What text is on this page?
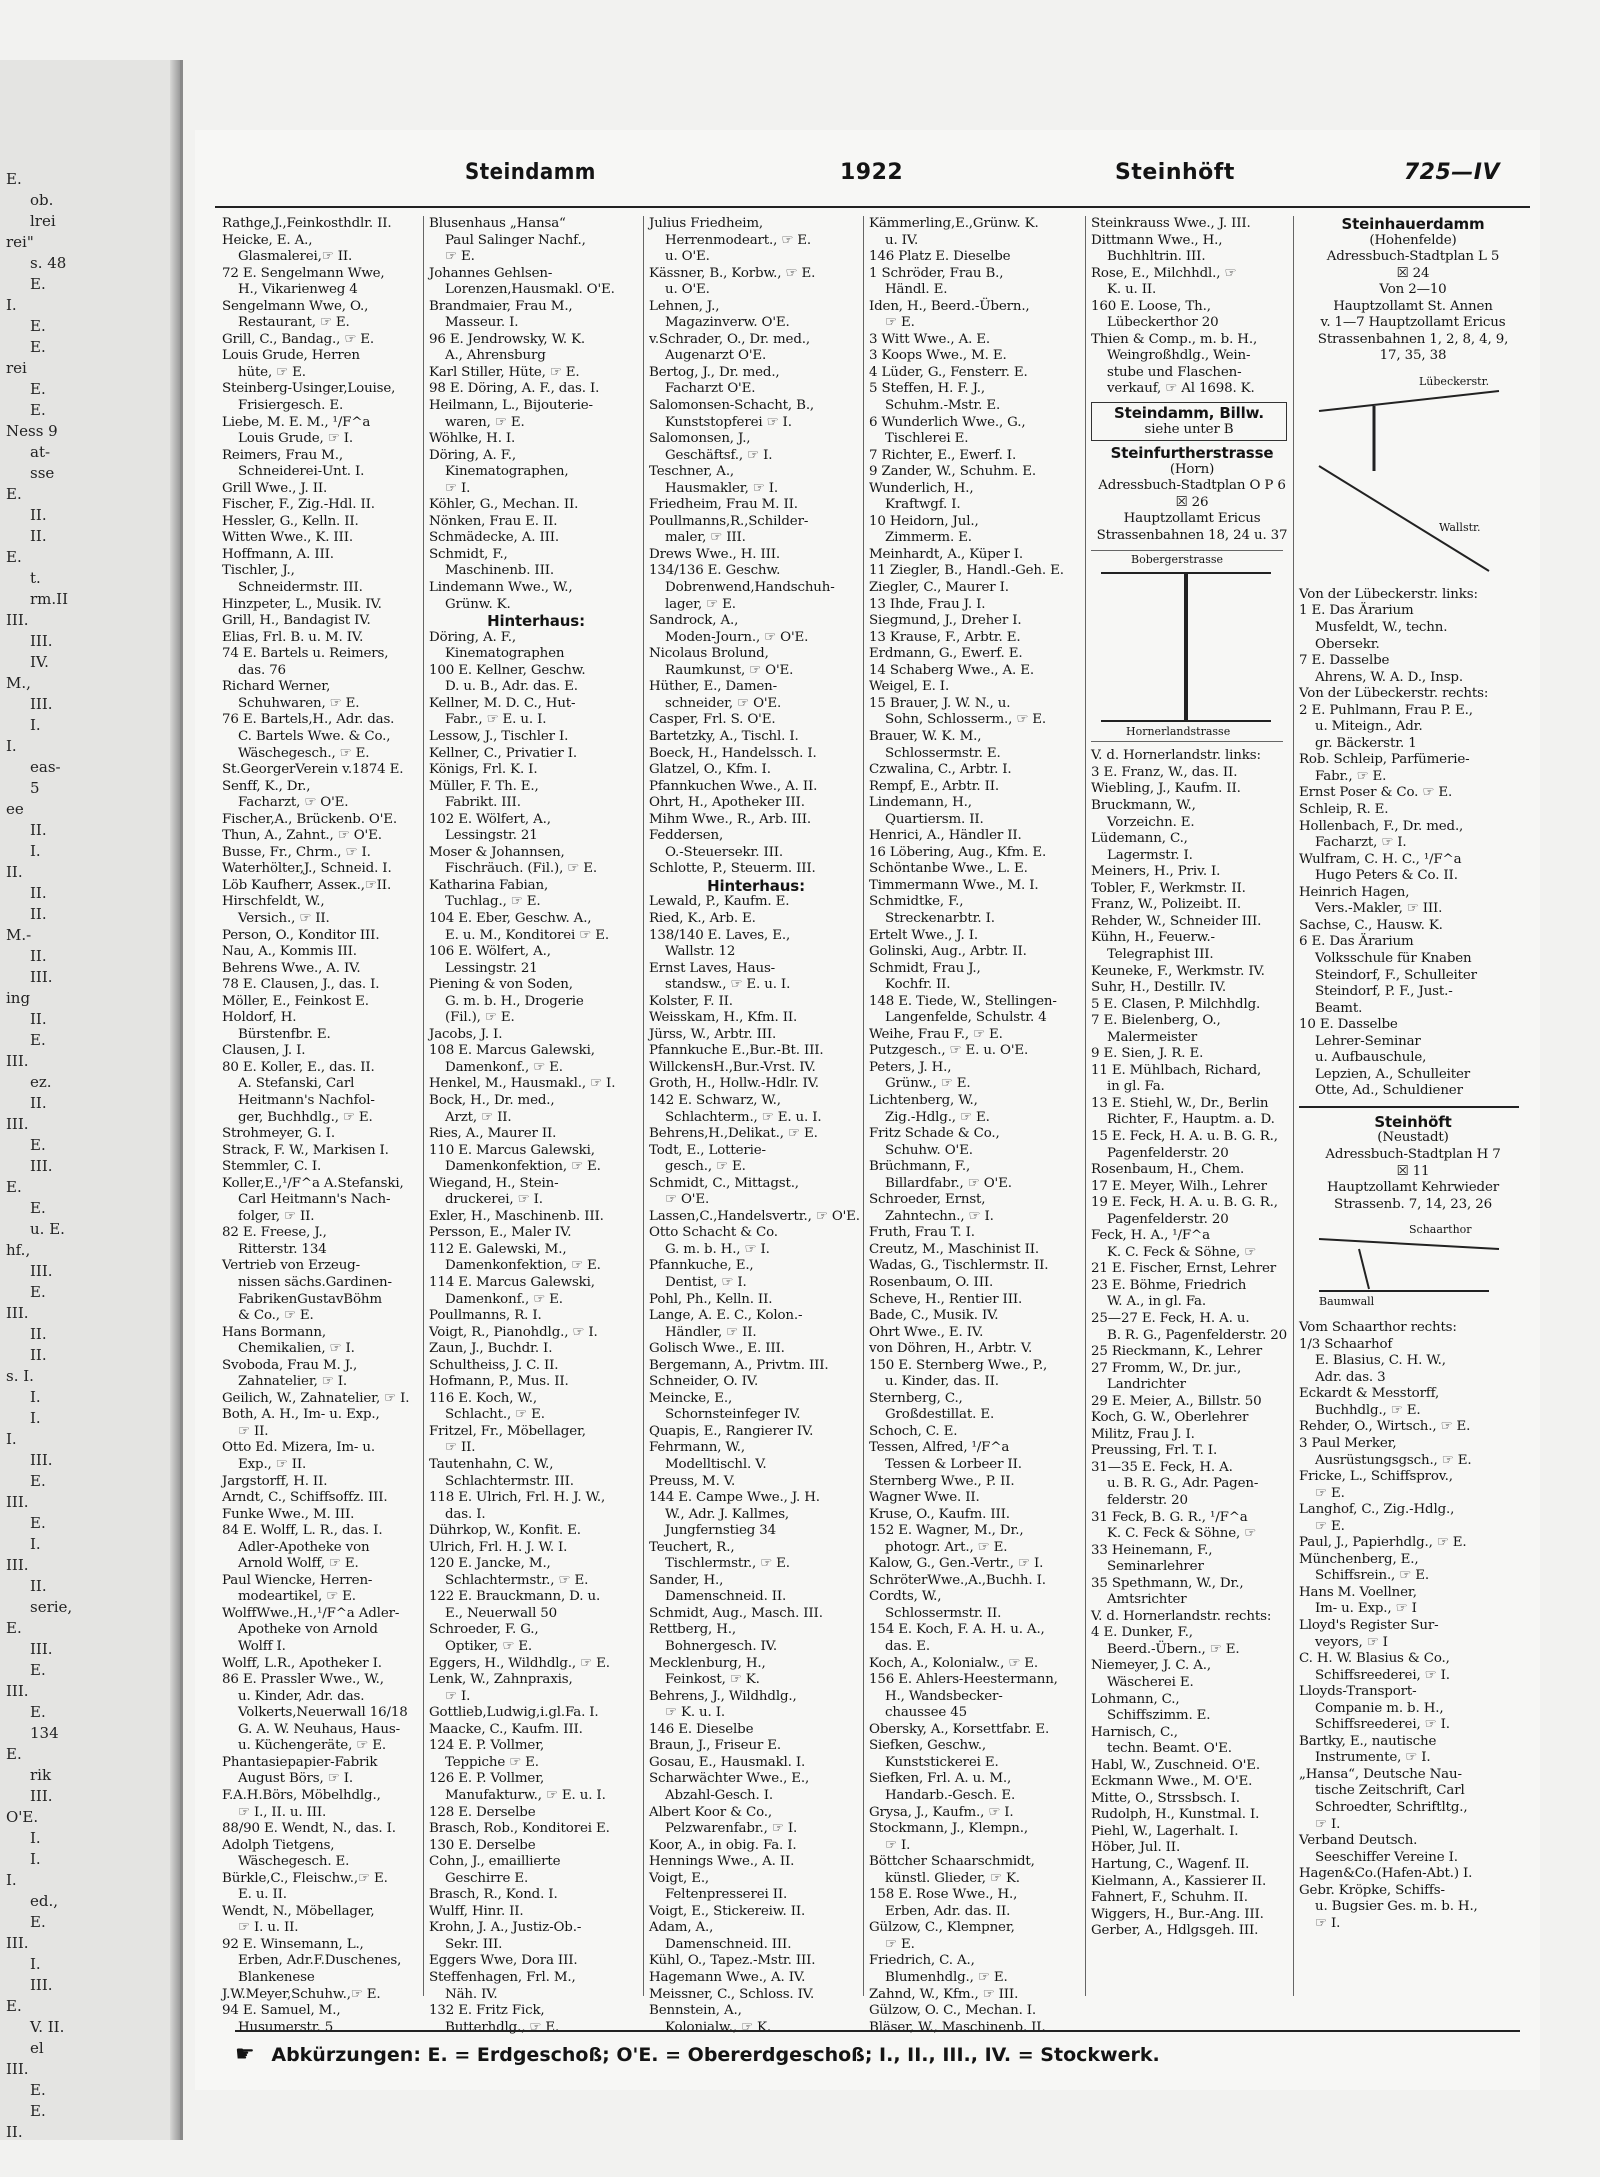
E.
ob.
lrei
rei"
s. 48
E.
I.
E.
E.
rei
E.
E.
Ness 9
at-
sse
E.
II.
II.
E.
t.
rm.II
III.
III.
IV.
M.,
III.
I.
I.
eas-
5
ee
II.
I.
II.
II.
II.
M.-
II.
III.
ing
II.
E.
III.
ez.
II.
III.
E.
III.
E.
E.
u. E.
hf.,
III.
E.
III.
II.
II.
s. I.
I.
I.
I.
III.
E.
III.
E.
I.
III.
II.
serie,
E.
III.
E.
III.
E.
134
E.
rik
III.
O'E.
I.
I.
I.
ed.,
E.
III.
I.
III.
E.
V. II.
el
III.
E.
E.
II.
Steindamm	1922	Steinhöft	725—IV
Rathge,J.,Feinkosthdlr. II.
Heicke, E. A.,
Glasmalerei,☞ II.
72 E. Sengelmann Wwe,
H., Vikarienweg 4
Sengelmann Wwe, O.,
Restaurant, ☞ E.
Grill, C., Bandag., ☞ E.
Louis Grude, Herren
hüte, ☞ E.
Steinberg-Usinger,Louise,
Frisiergesch. E.
Liebe, M. E. M., ¹/F^a
Louis Grude, ☞ I.
Reimers, Frau M.,
Schneiderei-Unt. I.
Grill Wwe., J. II.
Fischer, F., Zig.-Hdl. II.
Hessler, G., Kelln. II.
Witten Wwe., K. III.
Hoffmann, A. III.
Tischler, J.,
Schneidermstr. III.
Hinzpeter, L., Musik. IV.
Grill, H., Bandagist IV.
Elias, Frl. B. u. M. IV.
74 E. Bartels u. Reimers,
das. 76
Richard Werner,
Schuhwaren, ☞ E.
76 E. Bartels,H., Adr. das.
C. Bartels Wwe. & Co.,
Wäschegesch., ☞ E.
St.GeorgerVerein v.1874 E.
Senff, K., Dr.,
Facharzt, ☞ O'E.
Fischer,A., Brückenb. O'E.
Thun, A., Zahnt., ☞ O'E.
Busse, Fr., Chrm., ☞ I.
Waterhölter,J., Schneid. I.
Löb Kaufherr, Asseк.,☞II.
Hirschfeldt, W.,
Versich., ☞ II.
Person, O., Konditor III.
Nau, A., Kommis III.
Behrens Wwe., A. IV.
78 E. Clausen, J., das. I.
Möller, E., Feinkost E.
Holdorf, H.
Bürstenfbr. E.
Clausen, J. I.
80 E. Koller, E., das. II.
A. Stefanski, Carl
Heitmann's Nachfol-
ger, Buchhdlg., ☞ E.
Strohmeyer, G. I.
Strack, F. W., Markisen I.
Stemmler, C. I.
Koller,E.,¹/F^a A.Stefanski,
Carl Heitmann's Nach-
folger, ☞ II.
82 E. Freese, J.,
Ritterstr. 134
Vertrieb von Erzeug-
nissen sächs.Gardinen-
FabrikenGustavBöhm
& Co., ☞ E.
Hans Bormann,
Chemikalien, ☞ I.
Svoboda, Frau M. J.,
Zahnatelier, ☞ I.
Geilich, W., Zahnatelier, ☞ I.
Both, A. H., Im- u. Exp.,
☞ II.
Otto Ed. Mizera, Im- u.
Exp., ☞ II.
Jargstorff, H. II.
Arndt, C., Schiffsoffz. III.
Funke Wwe., M. III.
84 E. Wolff, L. R., das. I.
Adler-Apotheke von
Arnold Wolff, ☞ E.
Paul Wiencke, Herren-
modeartikel, ☞ E.
WolffWwe.,H.,¹/F^a Adler-
Apotheke von Arnold
Wolff I.
Wolff, L.R., Apotheker I.
86 E. Prassler Wwe., W.,
u. Kinder, Adr. das.
Volkerts,Neuerwall 16/18
G. A. W. Neuhaus, Haus-
u. Küchengeräte, ☞ E.
Phantasiepapier-Fabrik
August Börs, ☞ I.
F.A.H.Börs, Möbelhdlg.,
☞ I., II. u. III.
88/90 E. Wendt, N., das. I.
Adolph Tietgens,
Wäschegesch. E.
Bürkle,C., Fleischw.,☞ E.
E. u. II.
Wendt, N., Möbellager,
☞ I. u. II.
92 E. Winsemann, L.,
Erben, Adr.F.Duschenes,
Blankenese
J.W.Meyer,Schuhw.,☞ E.
94 E. Samuel, M.,
Husumerstr. 5
Blusenhaus „Hansa“
Paul Salinger Nachf.,
☞ E.
Johannes Gehlsen-
Lorenzen,Hausmakl. O'E.
Brandmaier, Frau M.,
Masseur. I.
96 E. Jendrowsky, W. K.
A., Ahrensburg
Karl Stiller, Hüte, ☞ E.
98 E. Döring, A. F., das. I.
Heilmann, L., Bijouterie-
waren, ☞ E.
Wöhlke, H. I.
Döring, A. F.,
Kinematographen,
☞ I.
Köhler, G., Mechan. II.
Nönken, Frau E. II.
Schmädecke, A. III.
Schmidt, F.,
Maschinenb. III.
Lindemann Wwe., W.,
Grünw. K.
Hinterhaus:
Döring, A. F.,
Kinematographen
100 E. Kellner, Geschw.
D. u. B., Adr. das. E.
Kellner, M. D. C., Hut-
Fabr., ☞ E. u. I.
Lessow, J., Tischler I.
Kellner, C., Privatier I.
Königs, Frl. K. I.
Müller, F. Th. E.,
Fabrikt. III.
102 E. Wölfert, A.,
Lessingstr. 21
Moser & Johannsen,
Fischräuch. (Fil.), ☞ E.
Katharina Fabian,
Tuchlag., ☞ E.
104 E. Eber, Geschw. A.,
E. u. M., Konditorei ☞ E.
106 E. Wölfert, A.,
Lessingstr. 21
Piening & von Soden,
G. m. b. H., Drogerie
(Fil.), ☞ E.
Jacobs, J. I.
108 E. Marcus Galewski,
Damenkonf., ☞ E.
Henkel, M., Hausmakl., ☞ I.
Bock, H., Dr. med.,
Arzt, ☞ II.
Ries, A., Maurer II.
110 E. Marcus Galewski,
Damenkonfektion, ☞ E.
Wiegand, H., Stein-
druckerei, ☞ I.
Exler, H., Maschinenb. III.
Persson, E., Maler IV.
112 E. Galewski, M.,
Damenkonfektion, ☞ E.
114 E. Marcus Galewski,
Damenkonf., ☞ E.
Poullmanns, R. I.
Voigt, R., Pianohdlg., ☞ I.
Zaun, J., Buchdr. I.
Schultheiss, J. C. II.
Hofmann, P., Mus. II.
116 E. Koch, W.,
Schlacht., ☞ E.
Fritzel, Fr., Möbellager,
☞ II.
Tautenhahn, C. W.,
Schlachtermstr. III.
118 E. Ulrich, Frl. H. J. W.,
das. I.
Dührkop, W., Konfit. E.
Ulrich, Frl. H. J. W. I.
120 E. Jancke, M.,
Schlachtermstr., ☞ E.
122 E. Brauckmann, D. u.
E., Neuerwall 50
Schroeder, F. G.,
Optiker, ☞ E.
Eggers, H., Wildhdlg., ☞ E.
Lenk, W., Zahnpraxis,
☞ I.
Gottlieb,Ludwig,i.gl.Fa. I.
Maacke, C., Kaufm. III.
124 E. P. Vollmer,
Teppiche ☞ E.
126 E. P. Vollmer,
Manufakturw., ☞ E. u. I.
128 E. Derselbe
Brasch, Rob., Konditorei E.
130 E. Derselbe
Cohn, J., emaillierte
Geschirre E.
Brasch, R., Kond. I.
Wulff, Hinr. II.
Krohn, J. A., Justiz-Ob.-
Sekr. III.
Eggers Wwe, Dora III.
Steffenhagen, Frl. M.,
Näh. IV.
132 E. Fritz Fick,
Butterhdlg., ☞ E.
Julius Friedheim,
Herrenmodeart., ☞ E.
u. O'E.
Kässner, B., Korbw., ☞ E.
u. O'E.
Lehnen, J.,
Magazinverw. O'E.
v.Schrader, O., Dr. med.,
Augenarzt O'E.
Bertog, J., Dr. med.,
Facharzt O'E.
Salomonsen-Schacht, B.,
Kunststopferei ☞ I.
Salomonsen, J.,
Geschäftsf., ☞ I.
Teschner, A.,
Hausmakler, ☞ I.
Friedheim, Frau M. II.
Poullmanns,R.,Schilder-
maler, ☞ III.
Drews Wwe., H. III.
134/136 E. Geschw.
Dobrenwend,Handschuh-
lager, ☞ E.
Sandrock, A.,
Moden-Journ., ☞ O'E.
Nicolaus Brolund,
Raumkunst, ☞ O'E.
Hüther, E., Damen-
schneider, ☞ O'E.
Casper, Frl. S. O'E.
Bartetzky, A., Tischl. I.
Boeck, H., Handelssch. I.
Glatzel, O., Kfm. I.
Pfannkuchen Wwe., A. II.
Ohrt, H., Apotheker III.
Mihm Wwe., R., Arb. III.
Feddersen,
O.-Steuersekr. III.
Schlotte, P., Steuerm. III.
Hinterhaus:
Lewald, P., Kaufm. E.
Ried, K., Arb. E.
138/140 E. Laves, E.,
Wallstr. 12
Ernst Laves, Haus-
standsw., ☞ E. u. I.
Kolster, F. II.
Weisskam, H., Kfm. II.
Jürss, W., Arbtr. III.
Pfannkuche E.,Bur.-Bt. III.
WillckensH.,Bur.-Vrst. IV.
Groth, H., Hollw.-Hdlr. IV.
142 E. Schwarz, W.,
Schlachterm., ☞ E. u. I.
Behrens,H.,Delikat., ☞ E.
Todt, E., Lotterie-
gesch., ☞ E.
Schmidt, C., Mittagst.,
☞ O'E.
Lassen,C.,Handelsvertr., ☞ O'E.
Otto Schacht & Co.
G. m. b. H., ☞ I.
Pfannkuche, E.,
Dentist, ☞ I.
Pohl, Ph., Kelln. II.
Lange, A. E. C., Kolon.-
Händler, ☞ II.
Golisch Wwe., E. III.
Bergemann, A., Privtm. III.
Schneider, O. IV.
Meincke, E.,
Schornsteinfeger IV.
Quapis, E., Rangierer IV.
Fehrmann, W.,
Modelltischl. V.
Preuss, M. V.
144 E. Campe Wwe., J. H.
W., Adr. J. Kallmes,
Jungfernstieg 34
Teuchert, R.,
Tischlermstr., ☞ E.
Sander, H.,
Damenschneid. II.
Schmidt, Aug., Masch. III.
Rettberg, H.,
Bohnergesch. IV.
Mecklenburg, H.,
Feinkost, ☞ K.
Behrens, J., Wildhdlg.,
☞ K. u. I.
146 E. Dieselbe
Braun, J., Friseur E.
Gosau, E., Hausmakl. I.
Scharwächter Wwe., E.,
Abzahl-Gesch. I.
Albert Koor & Co.,
Pelzwarenfabr., ☞ I.
Koor, A., in obig. Fa. I.
Hennings Wwe., A. II.
Voigt, E.,
Feltenpresserei II.
Voigt, E., Stickereiw. II.
Adam, A.,
Damenschneid. III.
Kühl, O., Tapez.-Mstr. III.
Hagemann Wwe., A. IV.
Meissner, C., Schloss. IV.
Bennstein, A.,
Kolonialw., ☞ K.
Kämmerling,E.,Grünw. K.
u. IV.
146 Platz E. Dieselbe
1 Schröder, Frau B.,
Händl. E.
Iden, H., Beerd.-Übern.,
☞ E.
3 Witt Wwe., A. E.
3 Koops Wwe., M. E.
4 Lüder, G., Fensterr. E.
5 Steffen, H. F. J.,
Schuhm.-Mstr. E.
6 Wunderlich Wwe., G.,
Tischlerei E.
7 Richter, E., Ewerf. I.
9 Zander, W., Schuhm. E.
Wunderlich, H.,
Kraftwgf. I.
10 Heidorn, Jul.,
Zimmerm. E.
Meinhardt, A., Küper I.
11 Ziegler, B., Handl.-Geh. E.
Ziegler, C., Maurer I.
13 Ihde, Frau J. I.
Siegmund, J., Dreher I.
13 Krause, F., Arbtr. E.
Erdmann, G., Ewerf. E.
14 Schaberg Wwe., A. E.
Weigel, E. I.
15 Brauer, J. W. N., u.
Sohn, Schlosserm., ☞ E.
Brauer, W. K. M.,
Schlossermstr. E.
Czwalina, C., Arbtr. I.
Rempf, E., Arbtr. II.
Lindemann, H.,
Quartiersm. II.
Henrici, A., Händler II.
16 Löbering, Aug., Kfm. E.
Schöntanbe Wwe., L. E.
Timmermann Wwe., M. I.
Schmidtke, F.,
Streckenarbtr. I.
Ertelt Wwe., J. I.
Golinski, Aug., Arbtr. II.
Schmidt, Frau J.,
Kochfr. II.
148 E. Tiede, W., Stellingen-
Langenfelde, Schulstr. 4
Weihe, Frau F., ☞ E.
Putzgesch., ☞ E. u. O'E.
Peters, J. H.,
Grünw., ☞ E.
Lichtenberg, W.,
Zig.-Hdlg., ☞ E.
Fritz Schade & Co.,
Schuhw. O'E.
Brüchmann, F.,
Billardfabr., ☞ O'E.
Schroeder, Ernst,
Zahntechn., ☞ I.
Fruth, Frau T. I.
Creutz, M., Maschinist II.
Wadas, G., Tischlermstr. II.
Rosenbaum, O. III.
Scheve, H., Rentier III.
Bade, C., Musik. IV.
Ohrt Wwe., E. IV.
von Döhren, H., Arbtr. V.
150 E. Sternberg Wwe., P.,
u. Kinder, das. II.
Sternberg, C.,
Großdestillat. E.
Schoch, C. E.
Tessen, Alfred, ¹/F^a
Tessen & Lorbeer II.
Sternberg Wwe., P. II.
Wagner Wwe. II.
Kruse, O., Kaufm. III.
152 E. Wagner, M., Dr.,
photogr. Art., ☞ E.
Kalow, G., Gen.-Vertr., ☞ I.
SchröterWwe.,A.,Buchh. I.
Cordts, W.,
Schlossermstr. II.
154 E. Koch, F. A. H. u. A.,
das. E.
Koch, A., Kolonialw., ☞ E.
156 E. Ahlers-Heestermann,
H., Wandsbecker-
chaussee 45
Obersky, A., Korsettfabr. E.
Siefken, Geschw.,
Kunststickerei E.
Siefken, Frl. A. u. M.,
Handarb.-Gesch. E.
Grysa, J., Kaufm., ☞ I.
Stockmann, J., Klempn.,
☞ I.
Böttcher Schaarschmidt,
künstl. Glieder, ☞ K.
158 E. Rose Wwe., H.,
Erben, Adr. das. II.
Gülzow, C., Klempner,
☞ E.
Friedrich, C. A.,
Blumenhdlg., ☞ E.
Zahnd, W., Kfm., ☞ III.
Gülzow, O. C., Mechan. I.
Bläser, W., Maschinenb. II.
Steinkrauss Wwe., J. III.
Dittmann Wwe., H.,
Buchhltrin. III.
Rose, E., Milchhdl., ☞
K. u. II.
160 E. Loose, Th.,
Lübeckerthor 20
Thien & Comp., m. b. H.,
Weingroßhdlg., Wein-
stube und Flaschen-
verkauf, ☞ Al 1698. K.
Steindamm, Billw.
siehe unter B
Steinfurtherstrasse
(Horn)
Adressbuch-Stadtplan O P 6
☒ 26
Hauptzollamt Ericus
Strassenbahnen 18, 24 u. 37
Bobergerstrasse
Hornerlandstrasse
V. d. Hornerlandstr. links:
3 E. Franz, W., das. II.
Wiebling, J., Kaufm. II.
Bruckmann, W.,
Vorzeichn. E.
Lüdemann, C.,
Lagermstr. I.
Meiners, H., Priv. I.
Tobler, F., Werkmstr. II.
Franz, W., Polizeibt. II.
Rehder, W., Schneider III.
Kühn, H., Feuerw.-
Telegraphist III.
Keuneke, F., Werkmstr. IV.
Suhr, H., Destillr. IV.
5 E. Clasen, P. Milchhdlg.
7 E. Bielenberg, O.,
Malermeister
9 E. Sien, J. R. E.
11 E. Mühlbach, Richard,
in gl. Fa.
13 E. Stiehl, W., Dr., Berlin
Richter, F., Hauptm. a. D.
15 E. Feck, H. A. u. B. G. R.,
Pagenfelderstr. 20
Rosenbaum, H., Chem.
17 E. Meyer, Wilh., Lehrer
19 E. Feck, H. A. u. B. G. R.,
Pagenfelderstr. 20
Feck, H. A., ¹/F^a
K. C. Feck & Söhne, ☞
21 E. Fischer, Ernst, Lehrer
23 E. Böhme, Friedrich
W. A., in gl. Fa.
25—27 E. Feck, H. A. u.
B. R. G., Pagenfelderstr. 20
25 Rieckmann, K., Lehrer
27 Fromm, W., Dr. jur.,
Landrichter
29 E. Meier, A., Billstr. 50
Koch, G. W., Oberlehrer
Militz, Frau J. I.
Preussing, Frl. T. I.
31—35 E. Feck, H. A.
u. B. R. G., Adr. Pagen-
felderstr. 20
31 Feck, B. G. R., ¹/F^a
K. C. Feck & Söhne, ☞
33 Heinemann, F.,
Seminarlehrer
35 Spethmann, W., Dr.,
Amtsrichter
V. d. Hornerlandstr. rechts:
4 E. Dunker, F.,
Beerd.-Übern., ☞ E.
Niemeyer, J. C. A.,
Wäscherei E.
Lohmann, C.,
Schiffszimm. E.
Harnisch, C.,
techn. Beamt. O'E.
Habl, W., Zuschneid. O'E.
Eckmann Wwe., M. O'E.
Mitte, O., Strssbsch. I.
Rudolph, H., Kunstmal. I.
Piehl, W., Lagerhalt. I.
Höber, Jul. II.
Hartung, C., Wagenf. II.
Kielmann, A., Kassierer II.
Fahnert, F., Schuhm. II.
Wiggers, H., Bur.-Ang. III.
Gerber, A., Hdlgsgeh. III.
Steinhauerdamm
(Hohenfelde)
Adressbuch-Stadtplan L 5
☒ 24
Von 2—10
Hauptzollamt St. Annen
v. 1—7 Hauptzollamt Ericus
Strassenbahnen 1, 2, 8, 4, 9,
17, 35, 38
Lübeckerstr.
Wallstr.
Von der Lübeckerstr. links:
1 E. Das Ärarium
Musfeldt, W., techn.
Obersekr.
7 E. Dasselbe
Ahrens, W. A. D., Insp.
Von der Lübeckerstr. rechts:
2 E. Puhlmann, Frau P. E.,
u. Miteign., Adr.
gr. Bäckerstr. 1
Rob. Schleip, Parfümerie-
Fabr., ☞ E.
Ernst Poser & Co. ☞ E.
Schleip, R. E.
Hollenbach, F., Dr. med.,
Facharzt, ☞ I.
Wulfram, C. H. C., ¹/F^a
Hugo Peters & Co. II.
Heinrich Hagen,
Vers.-Makler, ☞ III.
Sachse, C., Hausw. K.
6 E. Das Ärarium
Volksschule für Knaben
Steindorf, F., Schulleiter
Steindorf, P. F., Just.-
Beamt.
10 E. Dasselbe
Lehrer-Seminar
u. Aufbauschule,
Lepzien, A., Schulleiter
Otte, Ad., Schuldiener
Steinhöft
(Neustadt)
Adressbuch-Stadtplan H 7
☒ 11
Hauptzollamt Kehrwieder
Strassenb. 7, 14, 23, 26
Schaarthor
Baumwall
Vom Schaarthor rechts:
1/3 Schaarhof
E. Blasius, C. H. W.,
Adr. das. 3
Eckardt & Messtorff,
Buchhdlg., ☞ E.
Rehder, O., Wirtsch., ☞ E.
3 Paul Merker,
Ausrüstungsgsch., ☞ E.
Fricke, L., Schiffsprov.,
☞ E.
Langhof, C., Zig.-Hdlg.,
☞ E.
Paul, J., Papierhdlg., ☞ E.
Münchenberg, E.,
Schiffsrein., ☞ E.
Hans M. Voellner,
Im- u. Exp., ☞ I
Lloyd's Register Sur-
veyors, ☞ I
C. H. W. Blasius & Co.,
Schiffsreederei, ☞ I.
Lloyds-Transport-
Companie m. b. H.,
Schiffsreederei, ☞ I.
Bartky, E., nautische
Instrumente, ☞ I.
„Hansa“, Deutsche Nau-
tische Zeitschrift, Carl
Schroedter, Schriftltg.,
☞ I.
Verband Deutsch.
Seeschiffer Vereine I.
Hagen&Co.(Hafen-Abt.) I.
Gebr. Kröpke, Schiffs-
u. Bugsier Ges. m. b. H.,
☞ I.
☛ Abkürzungen: E. = Erdgeschoß; O'E. = Obererdgeschoß; I., II., III., IV. = Stockwerk.
